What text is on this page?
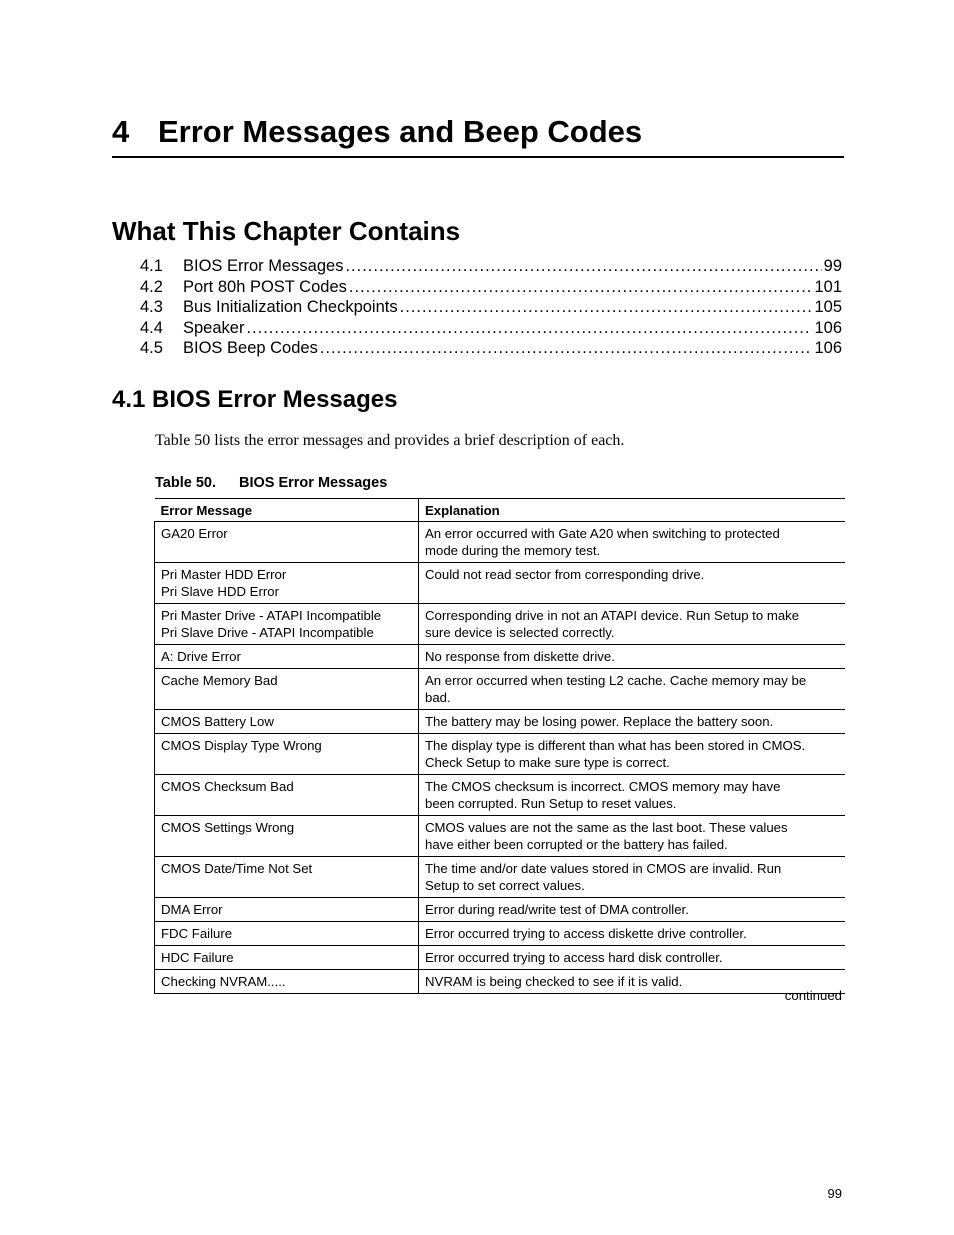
4 Error Messages and Beep Codes
What This Chapter Contains
4.1	BIOS Error Messages .....	99
4.2	Port 80h POST Codes .....	101
4.3	Bus Initialization Checkpoints .....	105
4.4	Speaker .....	106
4.5	BIOS Beep Codes .....	106
4.1 BIOS Error Messages

Table 50 lists the error messages and provides a brief description of each.

Table 50. BIOS Error Messages
Error Message	Explanation

GA20 Error	An error occurred with Gate A20 when switching to protected
mode during the memory test.

Pri Master HDD Error
Pri Slave HDD Error	Could not read sector from corresponding drive.

Pri Master Drive - ATAPI Incompatible
Pri Slave Drive - ATAPI Incompatible	Corresponding drive in not an ATAPI device. Run Setup to make
sure device is selected correctly.

A: Drive Error	No response from diskette drive.

Cache Memory Bad	An error occurred when testing L2 cache. Cache memory may be
bad.

CMOS Battery Low	The battery may be losing power. Replace the battery soon.

CMOS Display Type Wrong	The display type is different than what has been stored in CMOS.
Check Setup to make sure type is correct.

CMOS Checksum Bad	The CMOS checksum is incorrect. CMOS memory may have
been corrupted. Run Setup to reset values.

CMOS Settings Wrong	CMOS values are not the same as the last boot. These values
have either been corrupted or the battery has failed.

CMOS Date/Time Not Set	The time and/or date values stored in CMOS are invalid. Run
Setup to set correct values.

DMA Error	Error during read/write test of DMA controller.

FDC Failure	Error occurred trying to access diskette drive controller.

HDC Failure	Error occurred trying to access hard disk controller.

Checking NVRAM.....	NVRAM is being checked to see if it is valid.
continued
99
